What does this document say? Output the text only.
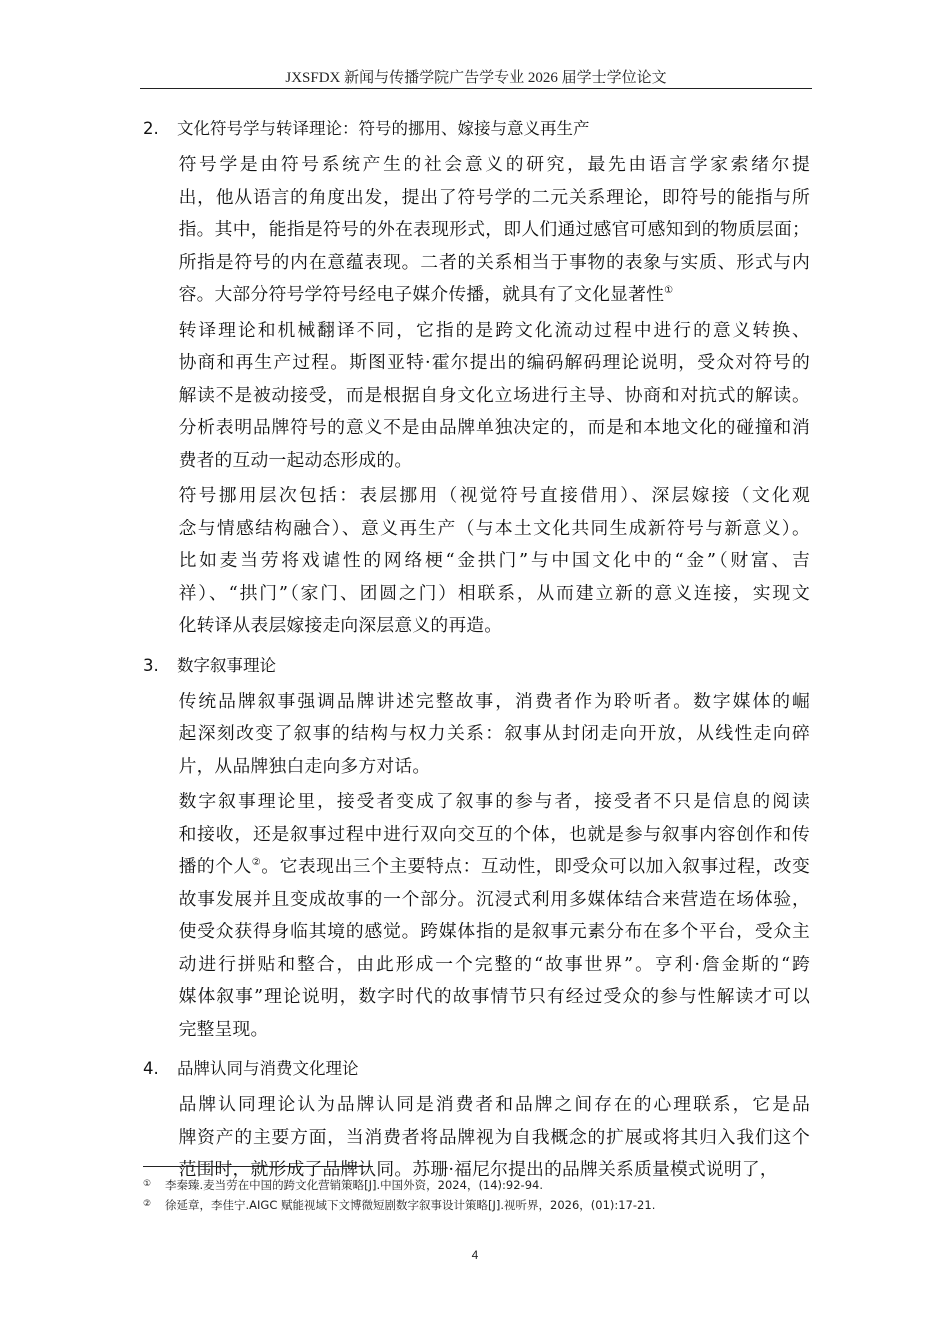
JXSFDX 新闻与传播学院广告学专业 2026 届学士学位论文
2. 文化符号学与转译理论：符号的挪用、嫁接与意义再生产
符号学是由符号系统产生的社会意义的研究，最先由语言学家索绪尔提
出，他从语言的角度出发，提出了符号学的二元关系理论，即符号的能指与所
指。其中，能指是符号的外在表现形式，即人们通过感官可感知到的物质层面；
所指是符号的内在意蕴表现。二者的关系相当于事物的表象与实质、形式与内
容。大部分符号学符号经电子媒介传播，就具有了文化显著性①
转译理论和机械翻译不同，它指的是跨文化流动过程中进行的意义转换、
协商和再生产过程。斯图亚特·霍尔提出的编码解码理论说明，受众对符号的
解读不是被动接受，而是根据自身文化立场进行主导、协商和对抗式的解读。
分析表明品牌符号的意义不是由品牌单独决定的，而是和本地文化的碰撞和消
费者的互动一起动态形成的。
符号挪用层次包括：表层挪用（视觉符号直接借用）、深层嫁接（文化观
念与情感结构融合）、意义再生产（与本土文化共同生成新符号与新意义）。
比如麦当劳将戏谑性的网络梗“金拱门”与中国文化中的“金”（财富、吉
祥）、“拱门”（家门、团圆之门）相联系，从而建立新的意义连接，实现文
化转译从表层嫁接走向深层意义的再造。
3. 数字叙事理论
传统品牌叙事强调品牌讲述完整故事，消费者作为聆听者。数字媒体的崛
起深刻改变了叙事的结构与权力关系：叙事从封闭走向开放，从线性走向碎
片，从品牌独白走向多方对话。
数字叙事理论里，接受者变成了叙事的参与者，接受者不只是信息的阅读
和接收，还是叙事过程中进行双向交互的个体，也就是参与叙事内容创作和传
播的个人②。它表现出三个主要特点：互动性，即受众可以加入叙事过程，改变
故事发展并且变成故事的一个部分。沉浸式利用多媒体结合来营造在场体验，
使受众获得身临其境的感觉。跨媒体指的是叙事元素分布在多个平台，受众主
动进行拼贴和整合，由此形成一个完整的“故事世界”。亨利·詹金斯的“跨
媒体叙事”理论说明，数字时代的故事情节只有经过受众的参与性解读才可以
完整呈现。
4. 品牌认同与消费文化理论
品牌认同理论认为品牌认同是消费者和品牌之间存在的心理联系，它是品
牌资产的主要方面，当消费者将品牌视为自我概念的扩展或将其归入我们这个
范围时，就形成了品牌认同。苏珊·福尼尔提出的品牌关系质量模式说明了，
① 李秦臻.麦当劳在中国的跨文化营销策略[J].中国外资，2024，(14):92-94.
② 徐延章，李佳宁.AIGC 赋能视域下文博微短剧数字叙事设计策略[J].视听界，2026，(01):17-21.
4
